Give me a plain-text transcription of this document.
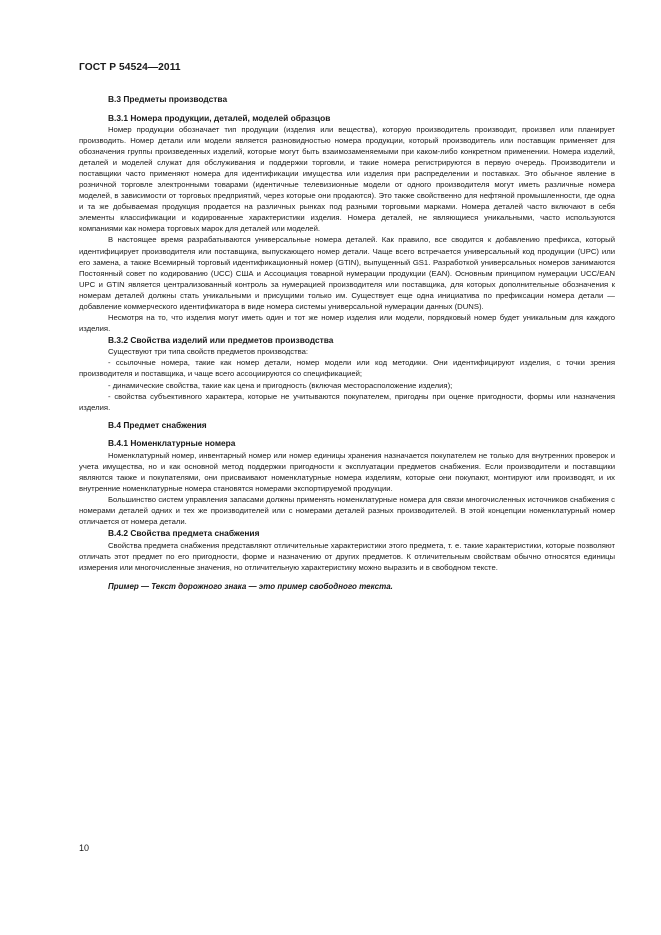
ГОСТ Р 54524—2011

В.3 Предметы производства

В.3.1 Номера продукции, деталей, моделей образцов

Номер продукции обозначает тип продукции (изделия или вещества), которую производитель производит, произвел или планирует производить. Номер детали или модели является разновидностью номера продукции, который производитель или поставщик применяет для обозначения группы произведенных изделий, которые могут быть взаимозаменяемыми при каком-либо конкретном применении. Номера изделий, деталей и моделей служат для обслуживания и поддержки торговли, и такие номера регистрируются в первую очередь. Производители и поставщики часто применяют номера для идентификации имущества или изделия при распределении и поставках. Это обычное явление в розничной торговле электронными товарами (идентичные телевизионные модели от одного производителя могут иметь различные номера моделей, в зависимости от торговых предприятий, через которые они продаются). Это также свойственно для нефтяной промышленности, где одна и та же добываемая продукция продается на различных рынках под разными торговыми марками. Номера деталей часто включают в себя элементы классификации и кодированные характеристики изделия. Номера деталей, не являющиеся уникальными, часто используются компаниями как номера торговых марок для деталей или моделей.

В настоящее время разрабатываются универсальные номера деталей. Как правило, все сводится к добавлению префикса, который идентифицирует производителя или поставщика, выпускающего номер детали. Чаще всего встречается универсальный код продукции (UPC) или его замена, а также Всемирный торговый идентификационный номер (GTIN), выпущенный GS1. Разработкой универсальных номеров занимаются Постоянный совет по кодированию (UCC) США и Ассоциация товарной нумерации продукции (EAN). Основным принципом нумерации UCC/EAN UPC и GTIN является централизованный контроль за нумерацией производителя или поставщика, для которых дополнительные обозначения к номерам деталей должны стать уникальными и присущими только им. Существует еще одна инициатива по префиксации номера детали — добавление коммерческого идентификатора в виде номера системы универсальной нумерации данных (DUNS).

Несмотря на то, что изделия могут иметь один и тот же номер изделия или модели, порядковый номер будет уникальным для каждого изделия.

В.3.2 Свойства изделий или предметов производства

Существуют три типа свойств предметов производства:

- ссылочные номера, такие как номер детали, номер модели или код методики. Они идентифицируют изделия, с точки зрения производителя и поставщика, и чаще всего ассоциируются со спецификацией;

- динамические свойства, такие как цена и пригодность (включая месторасположение изделия);

- свойства субъективного характера, которые не учитываются покупателем, пригодны при оценке пригодности, формы или назначения изделия.

В.4 Предмет снабжения

В.4.1 Номенклатурные номера

Номенклатурный номер, инвентарный номер или номер единицы хранения назначается покупателем не только для внутренних проверок и учета имущества, но и как основной метод поддержки пригодности к эксплуатации предметов снабжения. Если производители и поставщики являются также и покупателями, они присваивают номенклатурные номера изделиям, которые они покупают, монтируют или производят, и их внутренние номенклатурные номера становятся номерами экспортируемой продукции.

Большинство систем управления запасами должны применять номенклатурные номера для связи многочисленных источников снабжения с номерами деталей одних и тех же производителей или с номерами деталей разных производителей. В этой концепции номенклатурный номер отличается от номера детали.

В.4.2 Свойства предмета снабжения

Свойства предмета снабжения представляют отличительные характеристики этого предмета, т. е. такие характеристики, которые позволяют отличать этот предмет по его пригодности, форме и назначению от других предметов. К отличительным свойствам обычно относятся единицы измерения или многочисленные значения, но отличительную характеристику можно выразить и в свободном тексте.

Пример — Текст дорожного знака — это пример свободного текста.

10
